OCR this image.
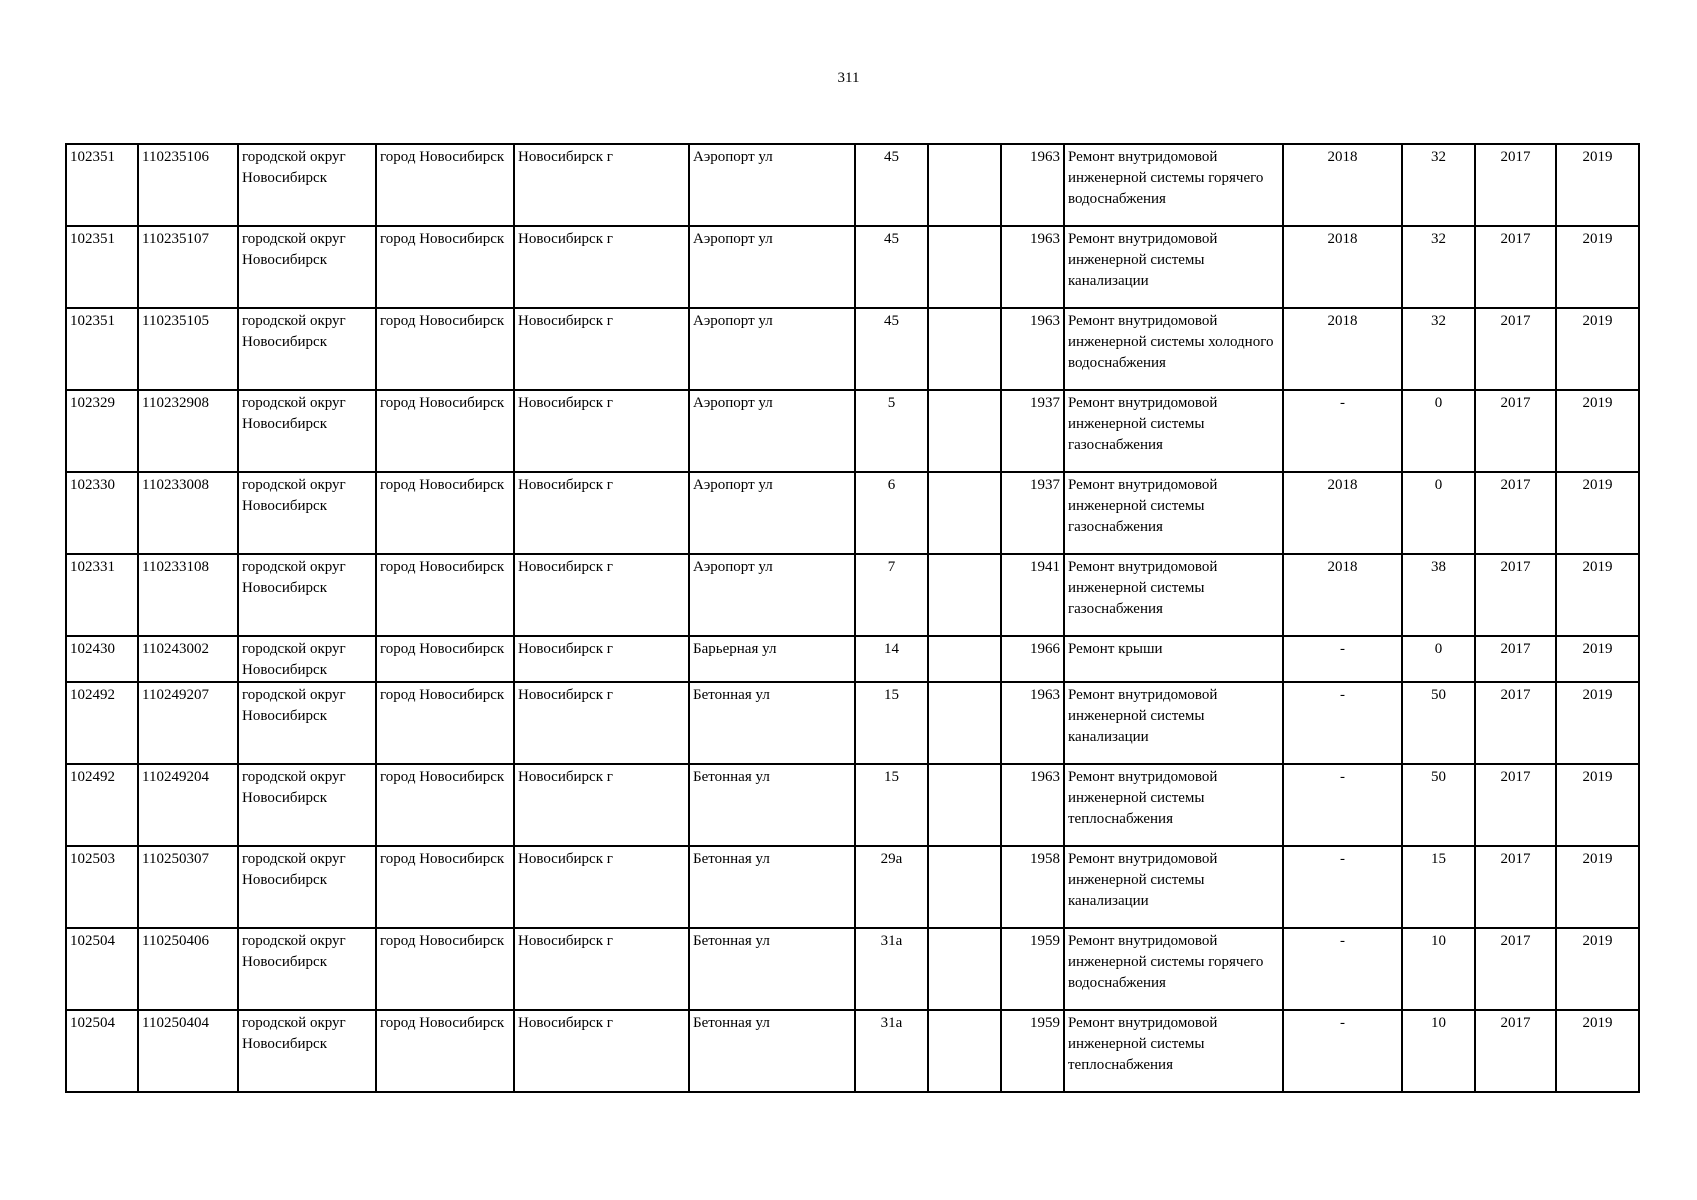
311
102351	110235106	городской округ Новосибирск	город Новосибирск	Новосибирск г	Аэропорт ул	45		1963	Ремонт внутридомовой инженерной системы горячего водоснабжения	2018	32	2017	2019
102351	110235107	городской округ Новосибирск	город Новосибирск	Новосибирск г	Аэропорт ул	45		1963	Ремонт внутридомовой инженерной системы канализации	2018	32	2017	2019
102351	110235105	городской округ Новосибирск	город Новосибирск	Новосибирск г	Аэропорт ул	45		1963	Ремонт внутридомовой инженерной системы холодного водоснабжения	2018	32	2017	2019
102329	110232908	городской округ Новосибирск	город Новосибирск	Новосибирск г	Аэропорт ул	5		1937	Ремонт внутридомовой инженерной системы газоснабжения	-	0	2017	2019
102330	110233008	городской округ Новосибирск	город Новосибирск	Новосибирск г	Аэропорт ул	6		1937	Ремонт внутридомовой инженерной системы газоснабжения	2018	0	2017	2019
102331	110233108	городской округ Новосибирск	город Новосибирск	Новосибирск г	Аэропорт ул	7		1941	Ремонт внутридомовой инженерной системы газоснабжения	2018	38	2017	2019
102430	110243002	городской округ Новосибирск	город Новосибирск	Новосибирск г	Барьерная ул	14		1966	Ремонт крыши	-	0	2017	2019
102492	110249207	городской округ Новосибирск	город Новосибирск	Новосибирск г	Бетонная ул	15		1963	Ремонт внутридомовой инженерной системы канализации	-	50	2017	2019
102492	110249204	городской округ Новосибирск	город Новосибирск	Новосибирск г	Бетонная ул	15		1963	Ремонт внутридомовой инженерной системы теплоснабжения	-	50	2017	2019
102503	110250307	городской округ Новосибирск	город Новосибирск	Новосибирск г	Бетонная ул	29а		1958	Ремонт внутридомовой инженерной системы канализации	-	15	2017	2019
102504	110250406	городской округ Новосибирск	город Новосибирск	Новосибирск г	Бетонная ул	31а		1959	Ремонт внутридомовой инженерной системы горячего водоснабжения	-	10	2017	2019
102504	110250404	городской округ Новосибирск	город Новосибирск	Новосибирск г	Бетонная ул	31а		1959	Ремонт внутридомовой инженерной системы теплоснабжения	-	10	2017	2019
